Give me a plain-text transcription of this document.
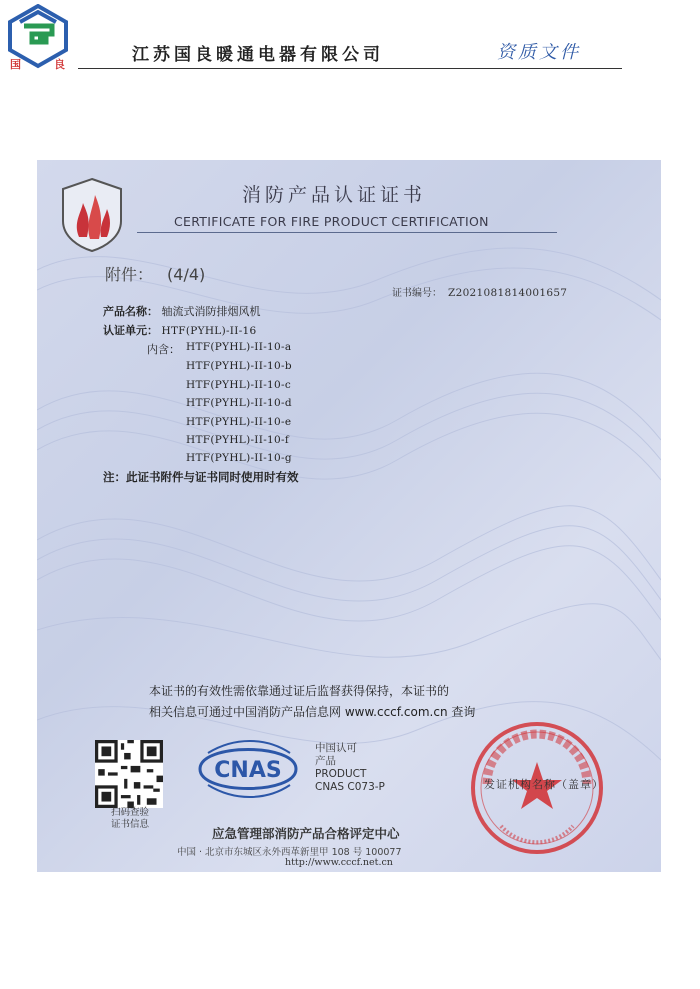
国	良	江苏国良暖通电器有限公司	资质文件
消防产品认证证书
CERTIFICATE FOR FIRE PRODUCT CERTIFICATION
附件： (4/4)
证书编号： Z2021081814001657
产品名称： 轴流式消防排烟风机
认证单元： HTF(PYHL)-II-16
内含： HTF(PYHL)-II-10-a
HTF(PYHL)-II-10-b
HTF(PYHL)-II-10-c
HTF(PYHL)-II-10-d
HTF(PYHL)-II-10-e
HTF(PYHL)-II-10-f
HTF(PYHL)-II-10-g
注：此证书附件与证书同时使用时有效
本证书的有效性需依靠通过证后监督获得保持，本证书的
相关信息可通过中国消防产品信息网 www.cccf.com.cn 查询
扫码查验
证书信息
CNAS
中国认可
产品
PRODUCT
CNAS C073-P	发证机构名称（盖章）
应急管理部消防产品合格评定中心
中国 · 北京市东城区永外西革新里甲 108 号 100077
http://www.cccf.net.cn
